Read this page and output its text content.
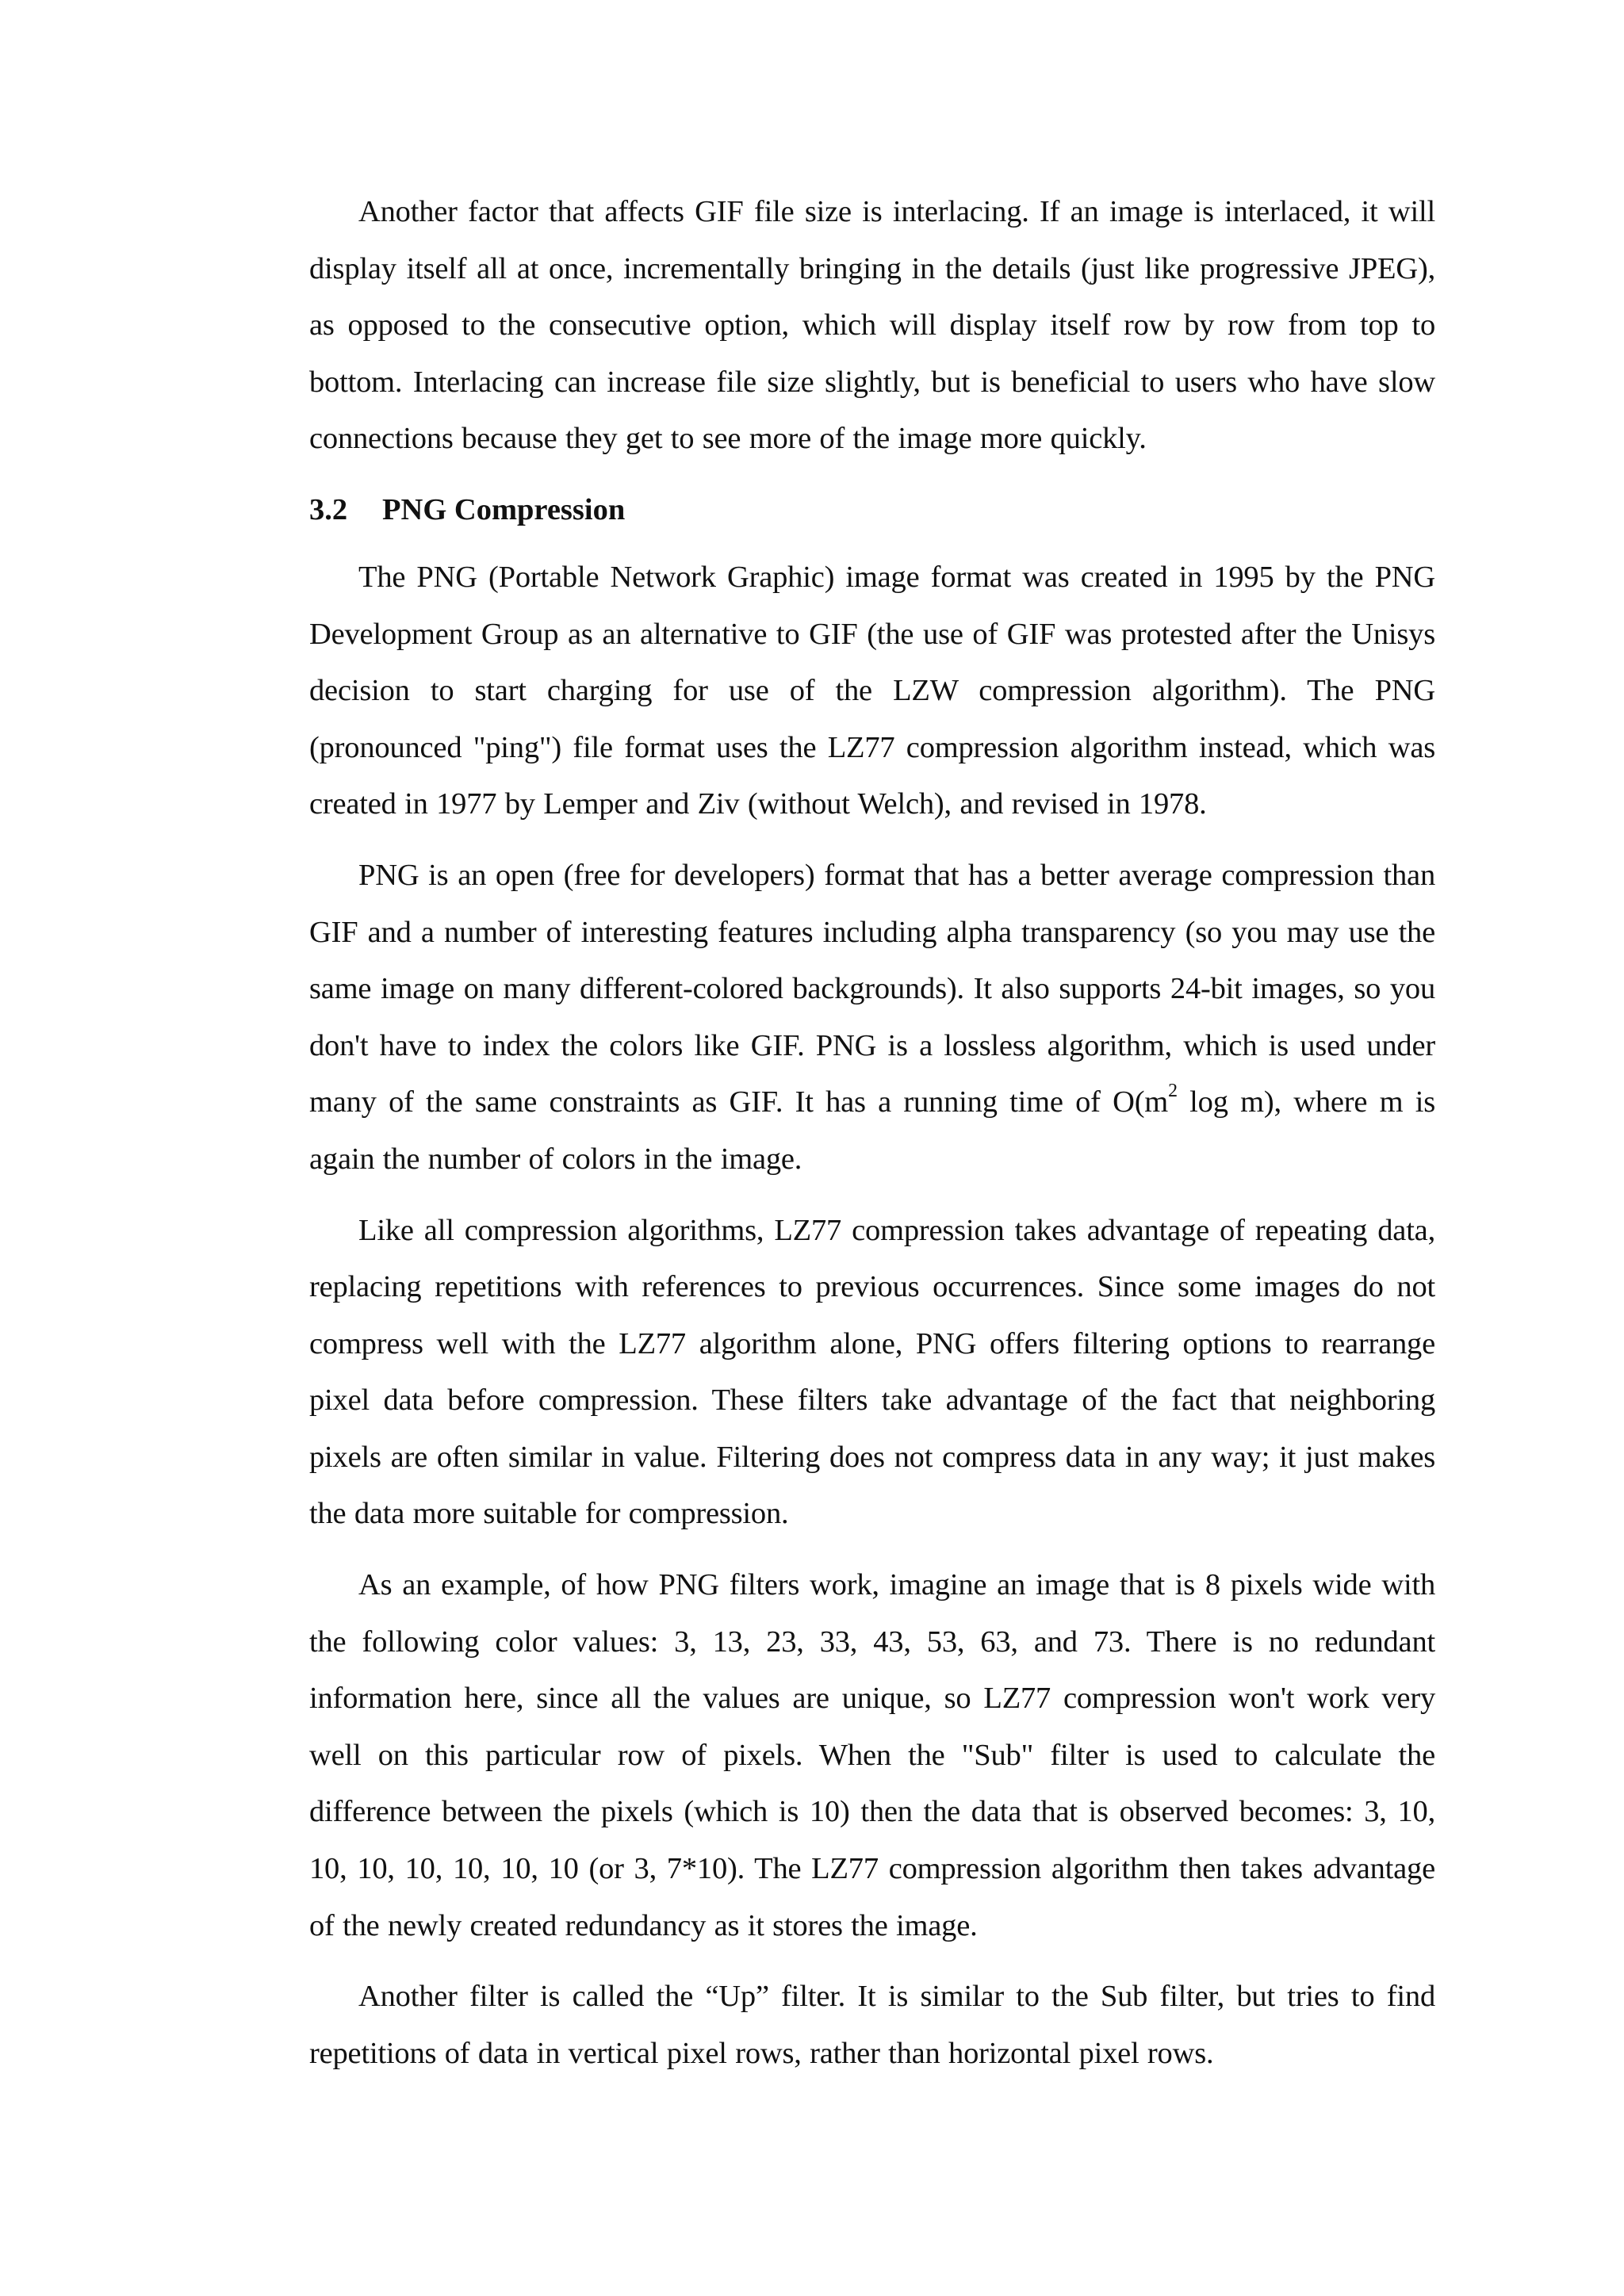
Another factor that affects GIF file size is interlacing. If an image is interlaced, it will display itself all at once, incrementally bringing in the details (just like progressive JPEG), as opposed to the consecutive option, which will display itself row by row from top to bottom. Interlacing can increase file size slightly, but is beneficial to users who have slow connections because they get to see more of the image more quickly.

3.2 PNG Compression

The PNG (Portable Network Graphic) image format was created in 1995 by the PNG Development Group as an alternative to GIF (the use of GIF was protested after the Unisys decision to start charging for use of the LZW compression algorithm). The PNG (pronounced "ping") file format uses the LZ77 compression algorithm instead, which was created in 1977 by Lemper and Ziv (without Welch), and revised in 1978.

PNG is an open (free for developers) format that has a better average compression than GIF and a number of interesting features including alpha transparency (so you may use the same image on many different-colored backgrounds). It also supports 24-bit images, so you don't have to index the colors like GIF. PNG is a lossless algorithm, which is used under many of the same constraints as GIF. It has a running time of $O(m^2$ log m), where m is again the number of colors in the image.

Like all compression algorithms, LZ77 compression takes advantage of repeating data, replacing repetitions with references to previous occurrences. Since some images do not compress well with the LZ77 algorithm alone, PNG offers filtering options to rearrange pixel data before compression. These filters take advantage of the fact that neighboring pixels are often similar in value. Filtering does not compress data in any way; it just makes the data more suitable for compression.

As an example, of how PNG filters work, imagine an image that is 8 pixels wide with the following color values: 3, 13, 23, 33, 43, 53, 63, and 73. There is no redundant information here, since all the values are unique, so LZ77 compression won't work very well on this particular row of pixels. When the "Sub" filter is used to calculate the difference between the pixels (which is 10) then the data that is observed becomes: 3, 10, 10, 10, 10, 10, 10, 10 (or 3, 7*10). The LZ77 compression algorithm then takes advantage of the newly created redundancy as it stores the image.

Another filter is called the “Up” filter. It is similar to the Sub filter, but tries to find repetitions of data in vertical pixel rows, rather than horizontal pixel rows.
